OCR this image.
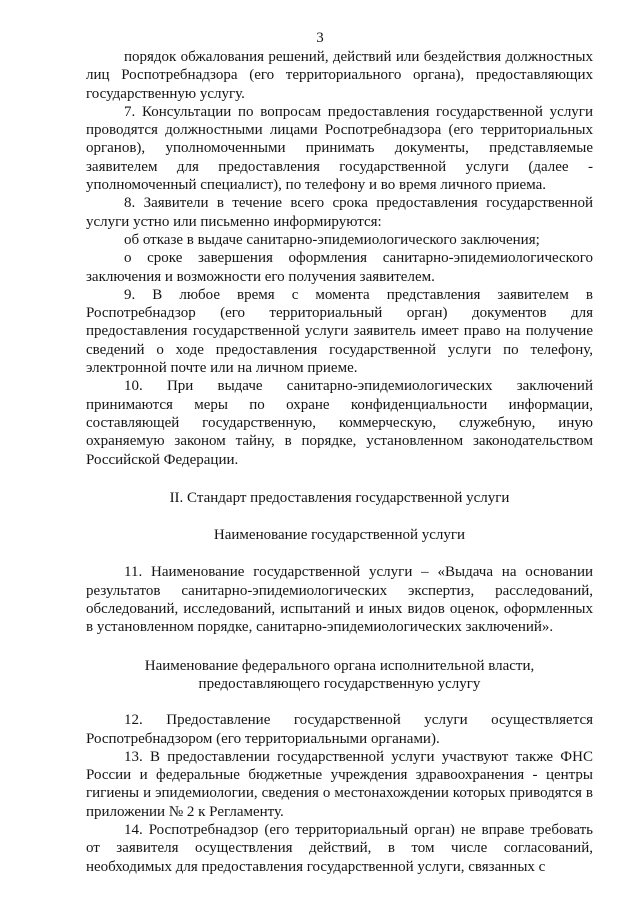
3

порядок обжалования решений, действий или бездействия должностных лиц Роспотребнадзора (его территориального органа), предоставляющих государственную услугу.

7. Консультации по вопросам предоставления государственной услуги проводятся должностными лицами Роспотребнадзора (его территориальных органов), уполномоченными принимать документы, представляемые заявителем для предоставления государственной услуги (далее - уполномоченный специалист), по телефону и во время личного приема.

8. Заявители в течение всего срока предоставления государственной услуги устно или письменно информируются:

об отказе в выдаче санитарно-эпидемиологического заключения;

о сроке завершения оформления санитарно-эпидемиологического заключения и возможности его получения заявителем.

9. В любое время с момента представления заявителем в Роспотребнадзор (его территориальный орган) документов для предоставления государственной услуги заявитель имеет право на получение сведений о ходе предоставления государственной услуги по телефону, электронной почте или на личном приеме.

10. При выдаче санитарно-эпидемиологических заключений принимаются меры по охране конфиденциальности информации, составляющей государственную, коммерческую, служебную, иную охраняемую законом тайну, в порядке, установленном законодательством Российской Федерации.

II. Стандарт предоставления государственной услуги

Наименование государственной услуги

11. Наименование государственной услуги – «Выдача на основании результатов санитарно-эпидемиологических экспертиз, расследований, обследований, исследований, испытаний и иных видов оценок, оформленных в установленном порядке, санитарно-эпидемиологических заключений».

Наименование федерального органа исполнительной власти,

предоставляющего государственную услугу

12. Предоставление государственной услуги осуществляется Роспотребнадзором (его территориальными органами).

13. В предоставлении государственной услуги участвуют также ФНС России и федеральные бюджетные учреждения здравоохранения - центры гигиены и эпидемиологии, сведения о местонахождении которых приводятся в приложении № 2 к Регламенту.

14. Роспотребнадзор (его территориальный орган) не вправе требовать от заявителя осуществления действий, в том числе согласований, необходимых для предоставления государственной услуги, связанных с
